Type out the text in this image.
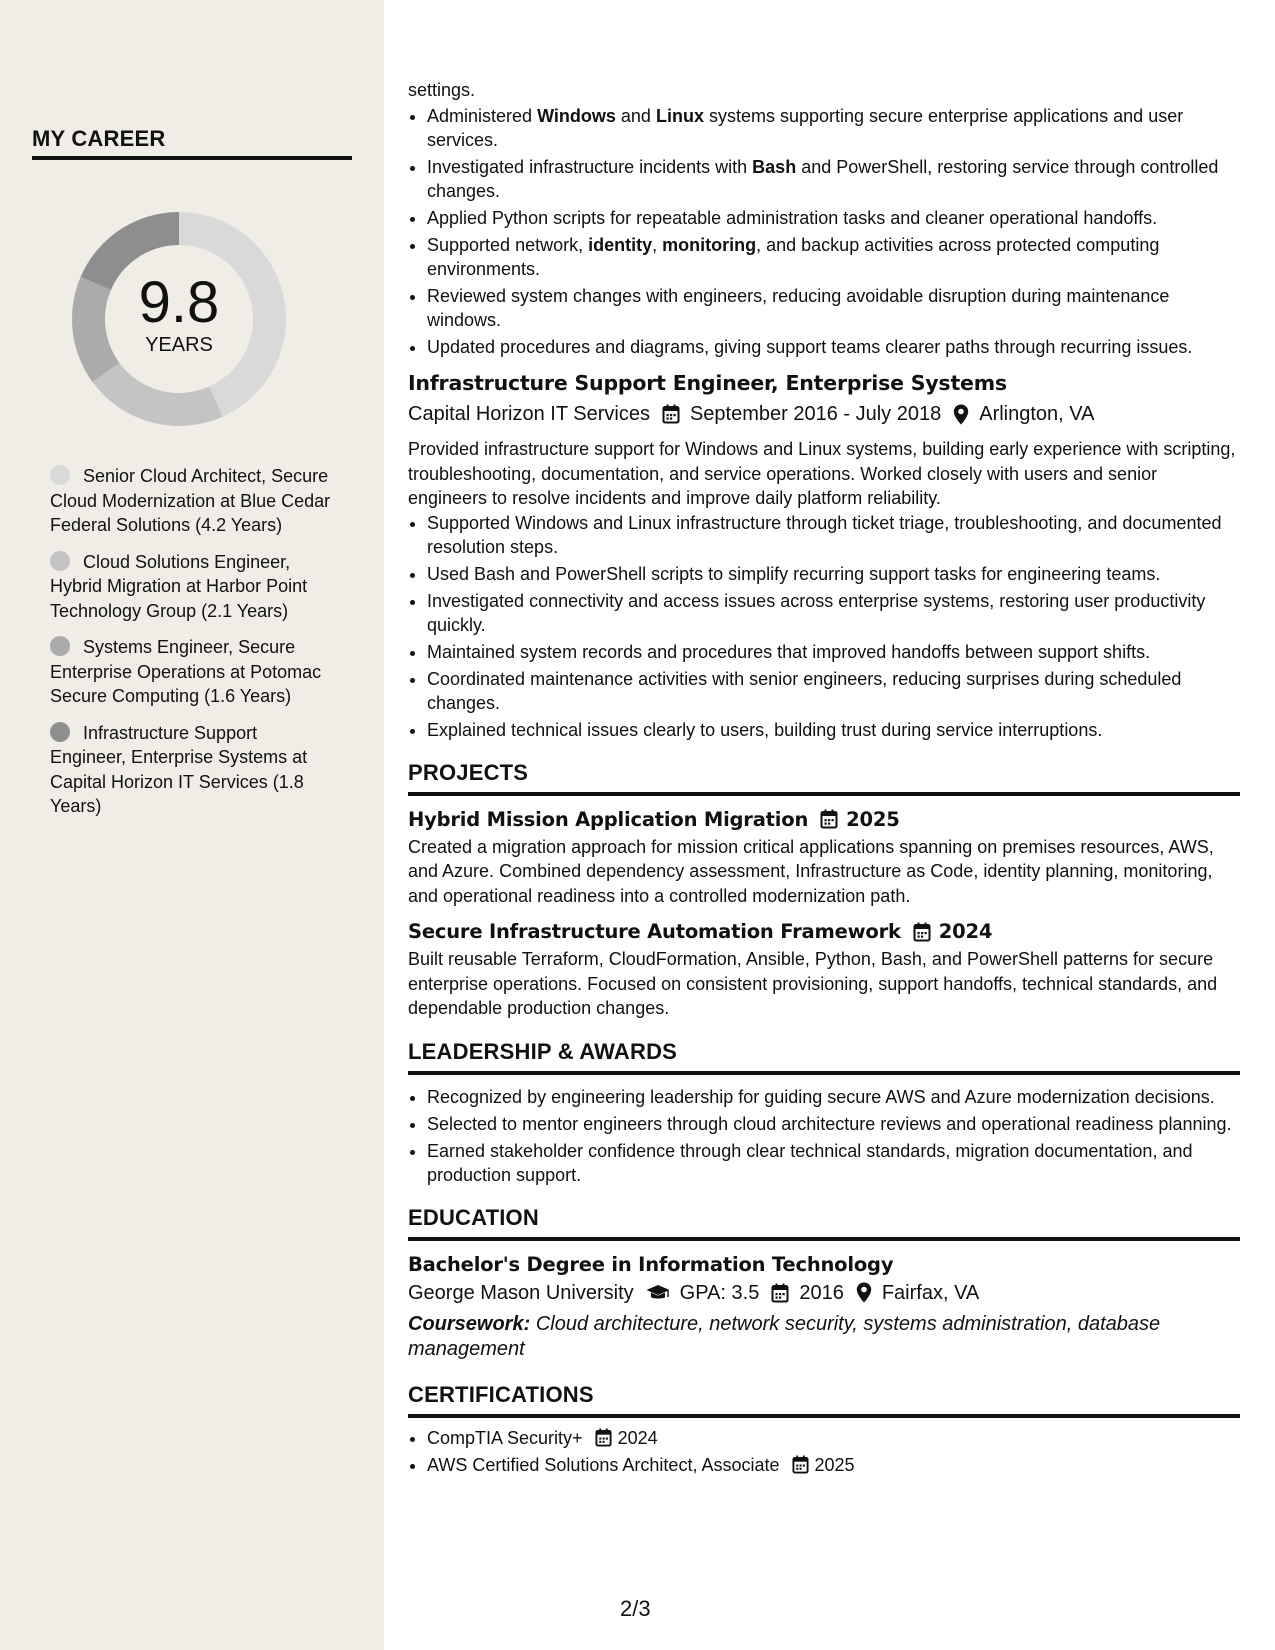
MY CAREER
9.8
YEARS
Senior Cloud Architect, Secure Cloud Modernization at Blue Cedar Federal Solutions (4.2 Years)
Cloud Solutions Engineer, Hybrid Migration at Harbor Point Technology Group (2.1 Years)
Systems Engineer, Secure Enterprise Operations at Potomac Secure Computing (1.6 Years)
Infrastructure Support Engineer, Enterprise Systems at Capital Horizon IT Services (1.8 Years)

settings.

• Administered Windows and Linux systems supporting secure enterprise applications and user services.
• Investigated infrastructure incidents with Bash and PowerShell, restoring service through controlled changes.
• Applied Python scripts for repeatable administration tasks and cleaner operational handoffs.
• Supported network, identity, monitoring, and backup activities across protected computing environments.
• Reviewed system changes with engineers, reducing avoidable disruption during maintenance windows.
• Updated procedures and diagrams, giving support teams clearer paths through recurring issues.
Infrastructure Support Engineer, Enterprise Systems
Capital Horizon IT Services September 2016 - July 2018 Arlington, VA

Provided infrastructure support for Windows and Linux systems, building early experience with scripting, troubleshooting, documentation, and service operations. Worked closely with users and senior engineers to resolve incidents and improve daily platform reliability.

• Supported Windows and Linux infrastructure through ticket triage, troubleshooting, and documented resolution steps.
• Used Bash and PowerShell scripts to simplify recurring support tasks for engineering teams.
• Investigated connectivity and access issues across enterprise systems, restoring user productivity quickly.
• Maintained system records and procedures that improved handoffs between support shifts.
• Coordinated maintenance activities with senior engineers, reducing surprises during scheduled changes.
• Explained technical issues clearly to users, building trust during service interruptions.
PROJECTS
Hybrid Mission Application Migration 2025

Created a migration approach for mission critical applications spanning on premises resources, AWS, and Azure. Combined dependency assessment, Infrastructure as Code, identity planning, monitoring, and operational readiness into a controlled modernization path.

Secure Infrastructure Automation Framework 2024

Built reusable Terraform, CloudFormation, Ansible, Python, Bash, and PowerShell patterns for secure enterprise operations. Focused on consistent provisioning, support handoffs, technical standards, and dependable production changes.

LEADERSHIP & AWARDS
• Recognized by engineering leadership for guiding secure AWS and Azure modernization decisions.
• Selected to mentor engineers through cloud architecture reviews and operational readiness planning.
• Earned stakeholder confidence through clear technical standards, migration documentation, and production support.
EDUCATION
Bachelor's Degree in Information Technology
George Mason University GPA: 3.5 2016 Fairfax, VA

Coursework: Cloud architecture, network security, systems administration, database management

CERTIFICATIONS
• CompTIA Security+ 2024
• AWS Certified Solutions Architect, Associate 2025
2/3
